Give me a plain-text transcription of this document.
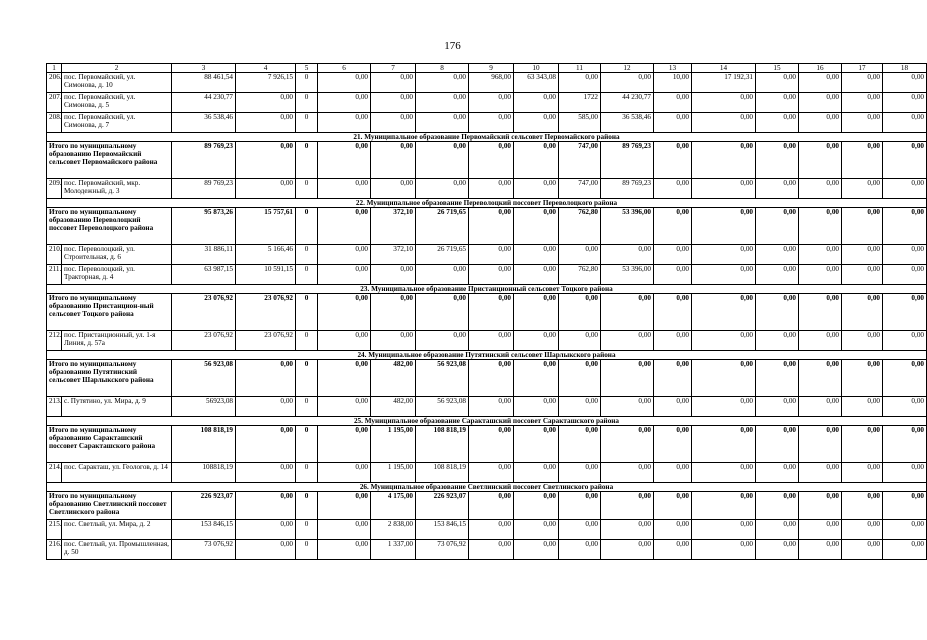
176
1	2	3	4	5	6	7	8	9	10	11	12	13	14	15	16	17	18
206.	пос. Первомайский, ул. Симонова, д. 10	88 461,54	7 926,15	0	0,00	0,00	0,00	968,00	63 343,08	0,00	0,00	10,00	17 192,31	0,00	0,00	0,00	0,00
207.	пос. Первомайский, ул. Симонова, д. 5	44 230,77	0,00	0	0,00	0,00	0,00	0,00	0,00	1722	44 230,77	0,00	0,00	0,00	0,00	0,00	0,00
208.	пос. Первомайский, ул. Симонова, д. 7	36 538,46	0,00	0	0,00	0,00	0,00	0,00	0,00	585,00	36 538,46	0,00	0,00	0,00	0,00	0,00	0,00
21. Муниципальное образование Первомайский сельсовет Первомайского района																	
Итого по муниципальному образованию Первомайский сельсовет Первомайского района		89 769,23	0,00	0	0,00	0,00	0,00	0,00	0,00	747,00	89 769,23	0,00	0,00	0,00	0,00	0,00	0,00
209.	пос. Первомайский, мкр. Молодежный, д. 3	89 769,23	0,00	0	0,00	0,00	0,00	0,00	0,00	747,00	89 769,23	0,00	0,00	0,00	0,00	0,00	0,00
22. Муниципальное образование Переволоцкий поссовет Переволоцкого района																	
Итого по муниципальному образованию Переволоцкий поссовет Переволоцкого района		95 873,26	15 757,61	0	0,00	372,10	26 719,65	0,00	0,00	762,80	53 396,00	0,00	0,00	0,00	0,00	0,00	0,00
210.	пос. Переволоцкий, ул. Строительная, д. 6	31 886,11	5 166,46	0	0,00	372,10	26 719,65	0,00	0,00	0,00	0,00	0,00	0,00	0,00	0,00	0,00	0,00
211.	пос. Переволоцкий, ул. Тракторная, д. 4	63 987,15	10 591,15	0	0,00	0,00	0,00	0,00	0,00	762,80	53 396,00	0,00	0,00	0,00	0,00	0,00	0,00
23. Муниципальное образование Пристанционный сельсовет Тоцкого района																	
Итого по муниципальному образованию Пристанцион-ный сельсовет Тоцкого района		23 076,92	23 076,92	0	0,00	0,00	0,00	0,00	0,00	0,00	0,00	0,00	0,00	0,00	0,00	0,00	0,00
212.	пос. Пристанционный, ул. 1-я Линия, д. 57а	23 076,92	23 076,92	0	0,00	0,00	0,00	0,00	0,00	0,00	0,00	0,00	0,00	0,00	0,00	0,00	0,00
24. Муниципальное образование Путятинский сельсовет Шарлыкского района																	
Итого по муниципальному образованию Путятинский сельсовет Шарлыкского района		56 923,08	0,00	0	0,00	482,00	56 923,08	0,00	0,00	0,00	0,00	0,00	0,00	0,00	0,00	0,00	0,00
213.	с. Путятино, ул. Мира, д. 9	56923,08	0,00	0	0,00	482,00	56 923,08	0,00	0,00	0,00	0,00	0,00	0,00	0,00	0,00	0,00	0,00
25. Муниципальное образование Саракташский поссовет Саракташского района																	
Итого по муниципальному образованию Саракташский поссовет Саракташского района		108 818,19	0,00	0	0,00	1 195,00	108 818,19	0,00	0,00	0,00	0,00	0,00	0,00	0,00	0,00	0,00	0,00
214.	пос. Саракташ, ул. Геологов, д. 14	108818,19	0,00	0	0,00	1 195,00	108 818,19	0,00	0,00	0,00	0,00	0,00	0,00	0,00	0,00	0,00	0,00
26. Муниципальное образование Светлинский поссовет Светлинского района																	
Итого по муниципальному образованию Светлинский поссовет Светлинского района		226 923,07	0,00	0	0,00	4 175,00	226 923,07	0,00	0,00	0,00	0,00	0,00	0,00	0,00	0,00	0,00	0,00
215.	пос. Светлый, ул. Мира, д. 2	153 846,15	0,00	0	0,00	2 838,00	153 846,15	0,00	0,00	0,00	0,00	0,00	0,00	0,00	0,00	0,00	0,00
216.	пос. Светлый, ул. Промышленная, д. 50	73 076,92	0,00	0	0,00	1 337,00	73 076,92	0,00	0,00	0,00	0,00	0,00	0,00	0,00	0,00	0,00	0,00
